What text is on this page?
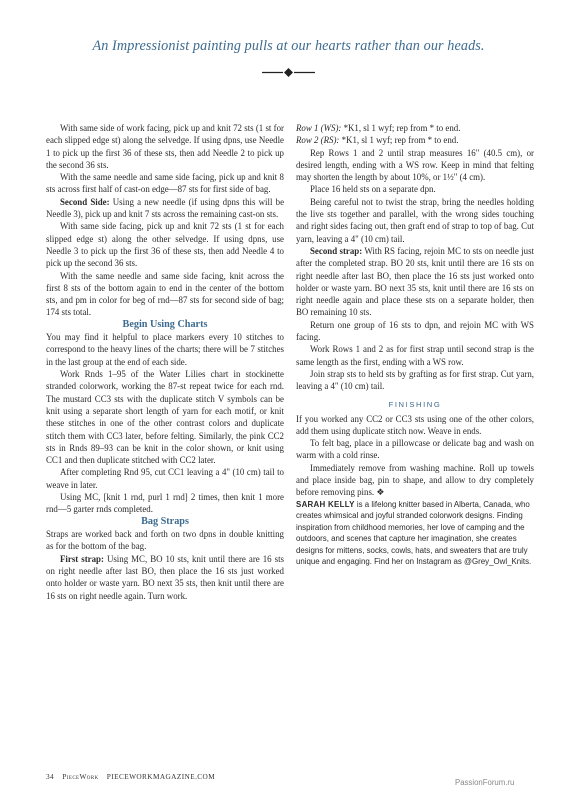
An Impressionist painting pulls at our hearts rather than our heads.

With same side of work facing, pick up and knit 72 sts (1 st for each slipped edge st) along the selvedge. If using dpns, use Needle 1 to pick up the first 36 of these sts, then add Needle 2 to pick up the second 36 sts.

With the same needle and same side facing, pick up and knit 8 sts across first half of cast-on edge—87 sts for first side of bag.

Second Side: Using a new needle (if using dpns this will be Needle 3), pick up and knit 7 sts across the remaining cast-on sts.

With same side facing, pick up and knit 72 sts (1 st for each slipped edge st) along the other selvedge. If using dpns, use Needle 3 to pick up the first 36 of these sts, then add Needle 4 to pick up the second 36 sts.

With the same needle and same side facing, knit across the first 8 sts of the bottom again to end in the center of the bottom sts, and pm in color for beg of rnd—87 sts for second side of bag; 174 sts total.

Begin Using Charts

You may find it helpful to place markers every 10 stitches to correspond to the heavy lines of the charts; there will be 7 stitches in the last group at the end of each side.

Work Rnds 1–95 of the Water Lilies chart in stockinette stranded colorwork, working the 87-st repeat twice for each rnd. The mustard CC3 sts with the duplicate stitch V symbols can be knit using a separate short length of yarn for each motif, or knit these stitches in one of the other contrast colors and duplicate stitch them with CC3 later, before felting. Similarly, the pink CC2 sts in Rnds 89–93 can be knit in the color shown, or knit using CC1 and then duplicate stitched with CC2 later.

After completing Rnd 95, cut CC1 leaving a 4" (10 cm) tail to weave in later.

Using MC, [knit 1 rnd, purl 1 rnd] 2 times, then knit 1 more rnd—5 garter rnds completed.

Bag Straps

Straps are worked back and forth on two dpns in double knitting as for the bottom of the bag.

First strap: Using MC, BO 10 sts, knit until there are 16 sts on right needle after last BO, then place the 16 sts just worked onto holder or waste yarn. BO next 35 sts, then knit until there are 16 sts on right needle again. Turn work.

Row 1 (WS): *K1, sl 1 wyf; rep from * to end.

Row 2 (RS): *K1, sl 1 wyf; rep from * to end.

Rep Rows 1 and 2 until strap measures 16" (40.5 cm), or desired length, ending with a WS row. Keep in mind that felting may shorten the length by about 10%, or 1½" (4 cm).

Place 16 held sts on a separate dpn.

Being careful not to twist the strap, bring the needles holding the live sts together and parallel, with the wrong sides touching and right sides facing out, then graft end of strap to top of bag. Cut yarn, leaving a 4" (10 cm) tail.

Second strap: With RS facing, rejoin MC to sts on needle just after the completed strap. BO 20 sts, knit until there are 16 sts on right needle after last BO, then place the 16 sts just worked onto holder or waste yarn. BO next 35 sts, knit until there are 16 sts on right needle again and place these sts on a separate holder, then BO remaining 10 sts.

Return one group of 16 sts to dpn, and rejoin MC with WS facing.

Work Rows 1 and 2 as for first strap until second strap is the same length as the first, ending with a WS row.

Join strap sts to held sts by grafting as for first strap. Cut yarn, leaving a 4" (10 cm) tail.

FINISHING

If you worked any CC2 or CC3 sts using one of the other colors, add them using duplicate stitch now. Weave in ends.

To felt bag, place in a pillowcase or delicate bag and wash on warm with a cold rinse.

Immediately remove from washing machine. Roll up towels and place inside bag, pin to shape, and allow to dry completely before removing pins. ❖

SARAH KELLY is a lifelong knitter based in Alberta, Canada, who creates whimsical and joyful stranded colorwork designs. Finding inspiration from childhood memories, her love of camping and the outdoors, and scenes that capture her imagination, she creates designs for mittens, socks, cowls, hats, and sweaters that are truly unique and engaging. Find her on Instagram as @Grey_Owl_Knits.

34 PieceWork PIECEWORKMAGAZINE.COM
PassionForum.ru
